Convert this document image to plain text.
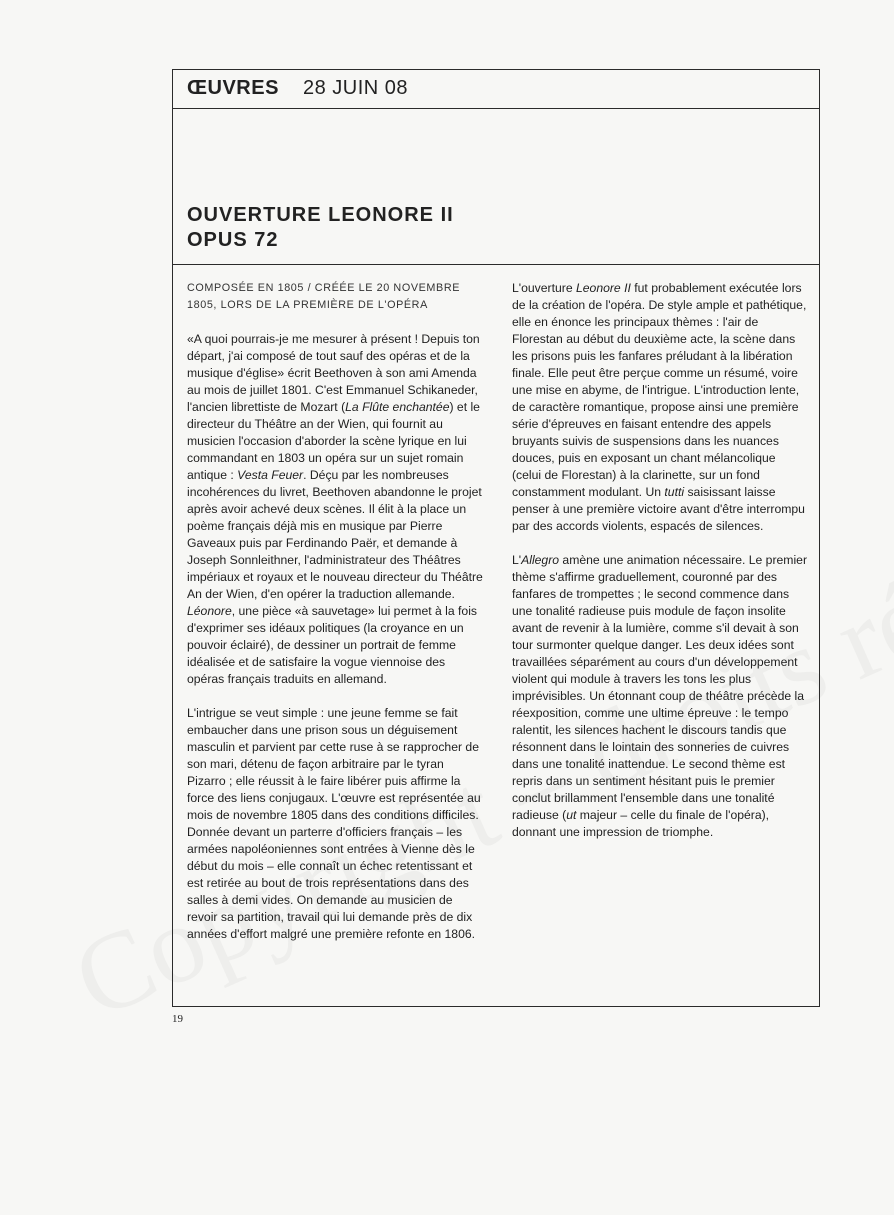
ŒUVRES 28 JUIN 08
OUVERTURE LEONORE II
OPUS 72
COMPOSÉE EN 1805 / CRÉÉE LE 20 NOVEMBRE
1805, LORS DE LA PREMIÈRE DE L'OPÉRA

«A quoi pourrais-je me mesurer à présent ! Depuis ton départ, j'ai composé de tout sauf des opéras et de la musique d'église» écrit Beethoven à son ami Amenda au mois de juillet 1801. C'est Emmanuel Schikaneder, l'ancien librettiste de Mozart (La Flûte enchantée) et le directeur du Théâtre an der Wien, qui fournit au musicien l'occasion d'aborder la scène lyrique en lui commandant en 1803 un opéra sur un sujet romain antique : Vesta Feuer. Déçu par les nombreuses incohérences du livret, Beethoven abandonne le projet après avoir achevé deux scènes. Il élit à la place un poème français déjà mis en musique par Pierre Gaveaux puis par Ferdinando Paër, et demande à Joseph Sonnleithner, l'administrateur des Théâtres impériaux et royaux et le nouveau directeur du Théâtre An der Wien, d'en opérer la traduction allemande. Léonore, une pièce «à sauvetage» lui permet à la fois d'exprimer ses idéaux politiques (la croyance en un pouvoir éclairé), de dessiner un portrait de femme idéalisée et de satisfaire la vogue viennoise des opéras français traduits en allemand.

L'intrigue se veut simple : une jeune femme se fait embaucher dans une prison sous un déguisement masculin et parvient par cette ruse à se rapprocher de son mari, détenu de façon arbitraire par le tyran Pizarro ; elle réussit à le faire libérer puis affirme la force des liens conjugaux. L'œuvre est représentée au mois de novembre 1805 dans des conditions difficiles. Donnée devant un parterre d'officiers français – les armées napoléoniennes sont entrées à Vienne dès le début du mois – elle connaît un échec retentissant et est retirée au bout de trois représentations dans des salles à demi vides. On demande au musicien de revoir sa partition, travail qui lui demande près de dix années d'effort malgré une première refonte en 1806.

L'ouverture Leonore II fut probablement exécutée lors de la création de l'opéra. De style ample et pathétique, elle en énonce les principaux thèmes : l'air de Florestan au début du deuxième acte, la scène dans les prisons puis les fanfares préludant à la libération finale. Elle peut être perçue comme un résumé, voire une mise en abyme, de l'intrigue. L'introduction lente, de caractère romantique, propose ainsi une première série d'épreuves en faisant entendre des appels bruyants suivis de suspensions dans les nuances douces, puis en exposant un chant mélancolique (celui de Florestan) à la clarinette, sur un fond constamment modulant. Un tutti saisissant laisse penser à une première victoire avant d'être interrompu par des accords violents, espacés de silences.

L'Allegro amène une animation nécessaire. Le premier thème s'affirme graduellement, couronné par des fanfares de trompettes ; le second commence dans une tonalité radieuse puis module de façon insolite avant de revenir à la lumière, comme s'il devait à son tour surmonter quelque danger. Les deux idées sont travaillées séparément au cours d'un développement violent qui module à travers les tons les plus imprévisibles. Un étonnant coup de théâtre précède la réexposition, comme une ultime épreuve : le tempo ralentit, les silences hachent le discours tandis que résonnent dans le lointain des sonneries de cuivres dans une tonalité inattendue. Le second thème est repris dans un sentiment hésitant puis le premier conclut brillamment l'ensemble dans une tonalité radieuse (ut majeur – celle du finale de l'opéra), donnant une impression de triomphe.

19
